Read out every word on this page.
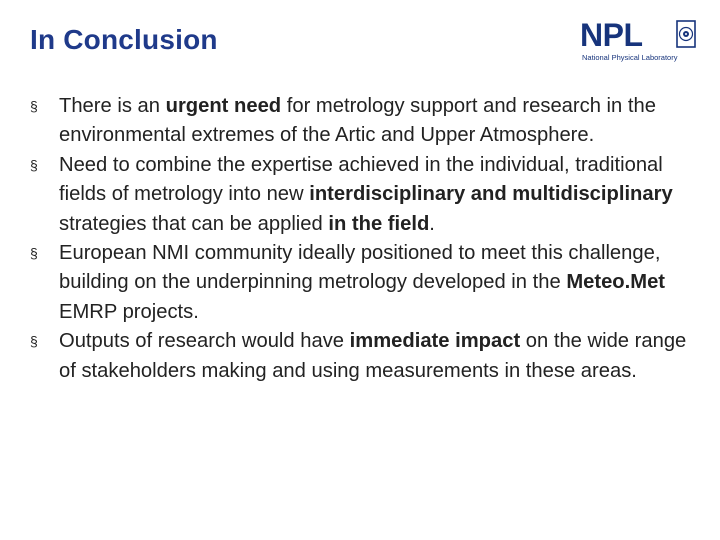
In Conclusion	NPL
National Physical Laboratory
§	There is an urgent need for metrology support and research in the environmental extremes of the Artic and Upper Atmosphere.
§	Need to combine the expertise achieved in the individual, traditional fields of metrology into new interdisciplinary and multidisciplinary strategies that can be applied in the field.
§	European NMI community ideally positioned to meet this challenge, building on the underpinning metrology developed in the Meteo.Met EMRP projects.
§	Outputs of research would have immediate impact on the wide range of stakeholders making and using measurements in these areas.
